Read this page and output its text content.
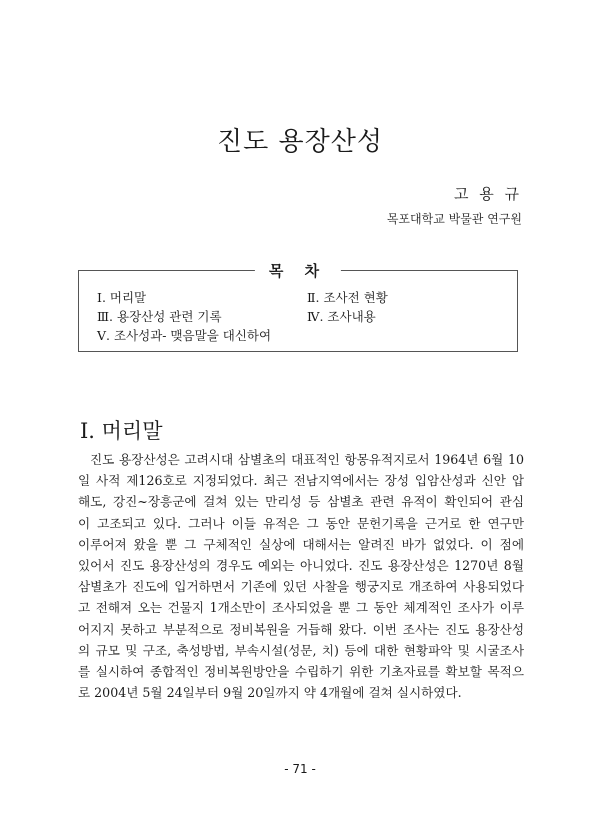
진도 용장산성
고 용 규
목포대학교 박물관 연구원
목 차
Ⅰ. 머리말	Ⅱ. 조사전 현황
Ⅲ. 용장산성 관련 기록	Ⅳ. 조사내용
Ⅴ. 조사성과- 맺음말을 대신하여
Ⅰ. 머리말
진도 용장산성은 고려시대 삼별초의 대표적인 항몽유적지로서 1964년 6월 10
일 사적 제126호로 지정되었다. 최근 전남지역에서는 장성 입암산성과 신안 압
해도, 강진~장흥군에 걸쳐 있는 만리성 등 삼별초 관련 유적이 확인되어 관심
이 고조되고 있다. 그러나 이들 유적은 그 동안 문헌기록을 근거로 한 연구만
이루어져 왔을 뿐 그 구체적인 실상에 대해서는 알려진 바가 없었다. 이 점에
있어서 진도 용장산성의 경우도 예외는 아니었다. 진도 용장산성은 1270년 8월
삼별초가 진도에 입거하면서 기존에 있던 사찰을 행궁지로 개조하여 사용되었다
고 전해져 오는 건물지 1개소만이 조사되었을 뿐 그 동안 체계적인 조사가 이루
어지지 못하고 부분적으로 정비복원을 거듭해 왔다. 이번 조사는 진도 용장산성
의 규모 및 구조, 축성방법, 부속시설(성문, 치) 등에 대한 현황파악 및 시굴조사
를 실시하여 종합적인 정비복원방안을 수립하기 위한 기초자료를 확보할 목적으
로 2004년 5월 24일부터 9월 20일까지 약 4개월에 걸쳐 실시하였다.
- 71 -
